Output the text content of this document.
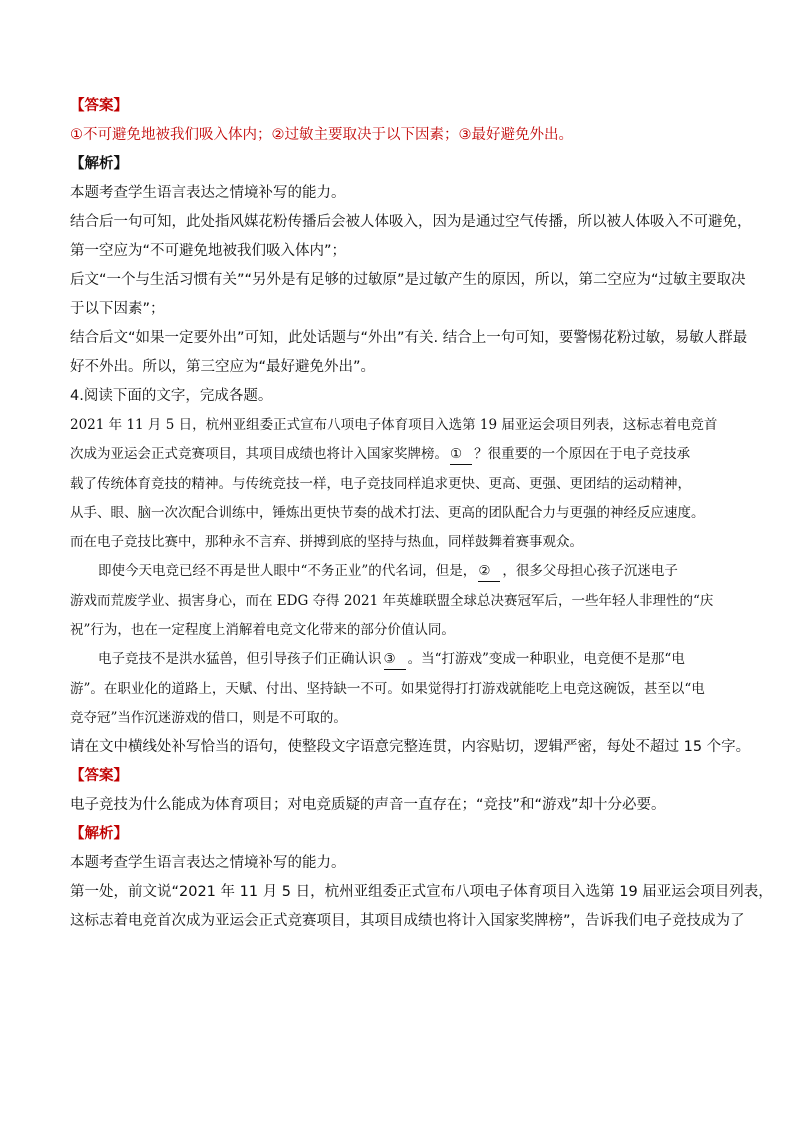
【答案】

①不可避免地被我们吸入体内；②过敏主要取决于以下因素；③最好避免外出。

【解析】

本题考查学生语言表达之情境补写的能力。

结合后一句可知，此处指风媒花粉传播后会被人体吸入，因为是通过空气传播，所以被人体吸入不可避免，

第一空应为“不可避免地被我们吸入体内”；

后文“一个与生活习惯有关”“另外是有足够的过敏原”是过敏产生的原因，所以，第二空应为“过敏主要取决

于以下因素”；

结合后文“如果一定要外出”可知，此处话题与“外出”有关. 结合上一句可知，要警惕花粉过敏，易敏人群最

好不外出。所以，第三空应为“最好避免外出”。

4.阅读下面的文字，完成各题。

2021 年 11 月 5 日，杭州亚组委正式宣布八项电子体育项目入选第 19 届亚运会项目列表，这标志着电竞首

次成为亚运会正式竞赛项目，其项目成绩也将计入国家奖牌榜。 ① ？很重要的一个原因在于电子竞技承

载了传统体育竞技的精神。与传统竞技一样，电子竞技同样追求更快、更高、更强、更团结的运动精神，

从手、眼、脑一次次配合训练中，锤炼出更快节奏的战术打法、更高的团队配合力与更强的神经反应速度。

而在电子竞技比赛中，那种永不言弃、拼搏到底的坚持与热血，同样鼓舞着赛事观众。

即使今天电竞已经不再是世人眼中“不务正业”的代名词，但是， ② ，很多父母担心孩子沉迷电子

游戏而荒废学业、损害身心，而在 EDG 夺得 2021 年英雄联盟全球总决赛冠军后，一些年轻人非理性的“庆

祝”行为，也在一定程度上消解着电竞文化带来的部分价值认同。

电子竞技不是洪水猛兽，但引导孩子们正确认识 ③ 。当“打游戏”变成一种职业，电竞便不是那“电

游”。在职业化的道路上，天赋、付出、坚持缺一不可。如果觉得打打游戏就能吃上电竞这碗饭，甚至以“电

竞夺冠”当作沉迷游戏的借口，则是不可取的。

请在文中横线处补写恰当的语句，使整段文字语意完整连贯，内容贴切，逻辑严密，每处不超过 15 个字。

【答案】

电子竞技为什么能成为体育项目；对电竞质疑的声音一直存在；“竞技”和“游戏”却十分必要。

【解析】

本题考查学生语言表达之情境补写的能力。

第一处，前文说“2021 年 11 月 5 日，杭州亚组委正式宣布八项电子体育项目入选第 19 届亚运会项目列表，

这标志着电竞首次成为亚运会正式竞赛项目，其项目成绩也将计入国家奖牌榜”，告诉我们电子竞技成为了
